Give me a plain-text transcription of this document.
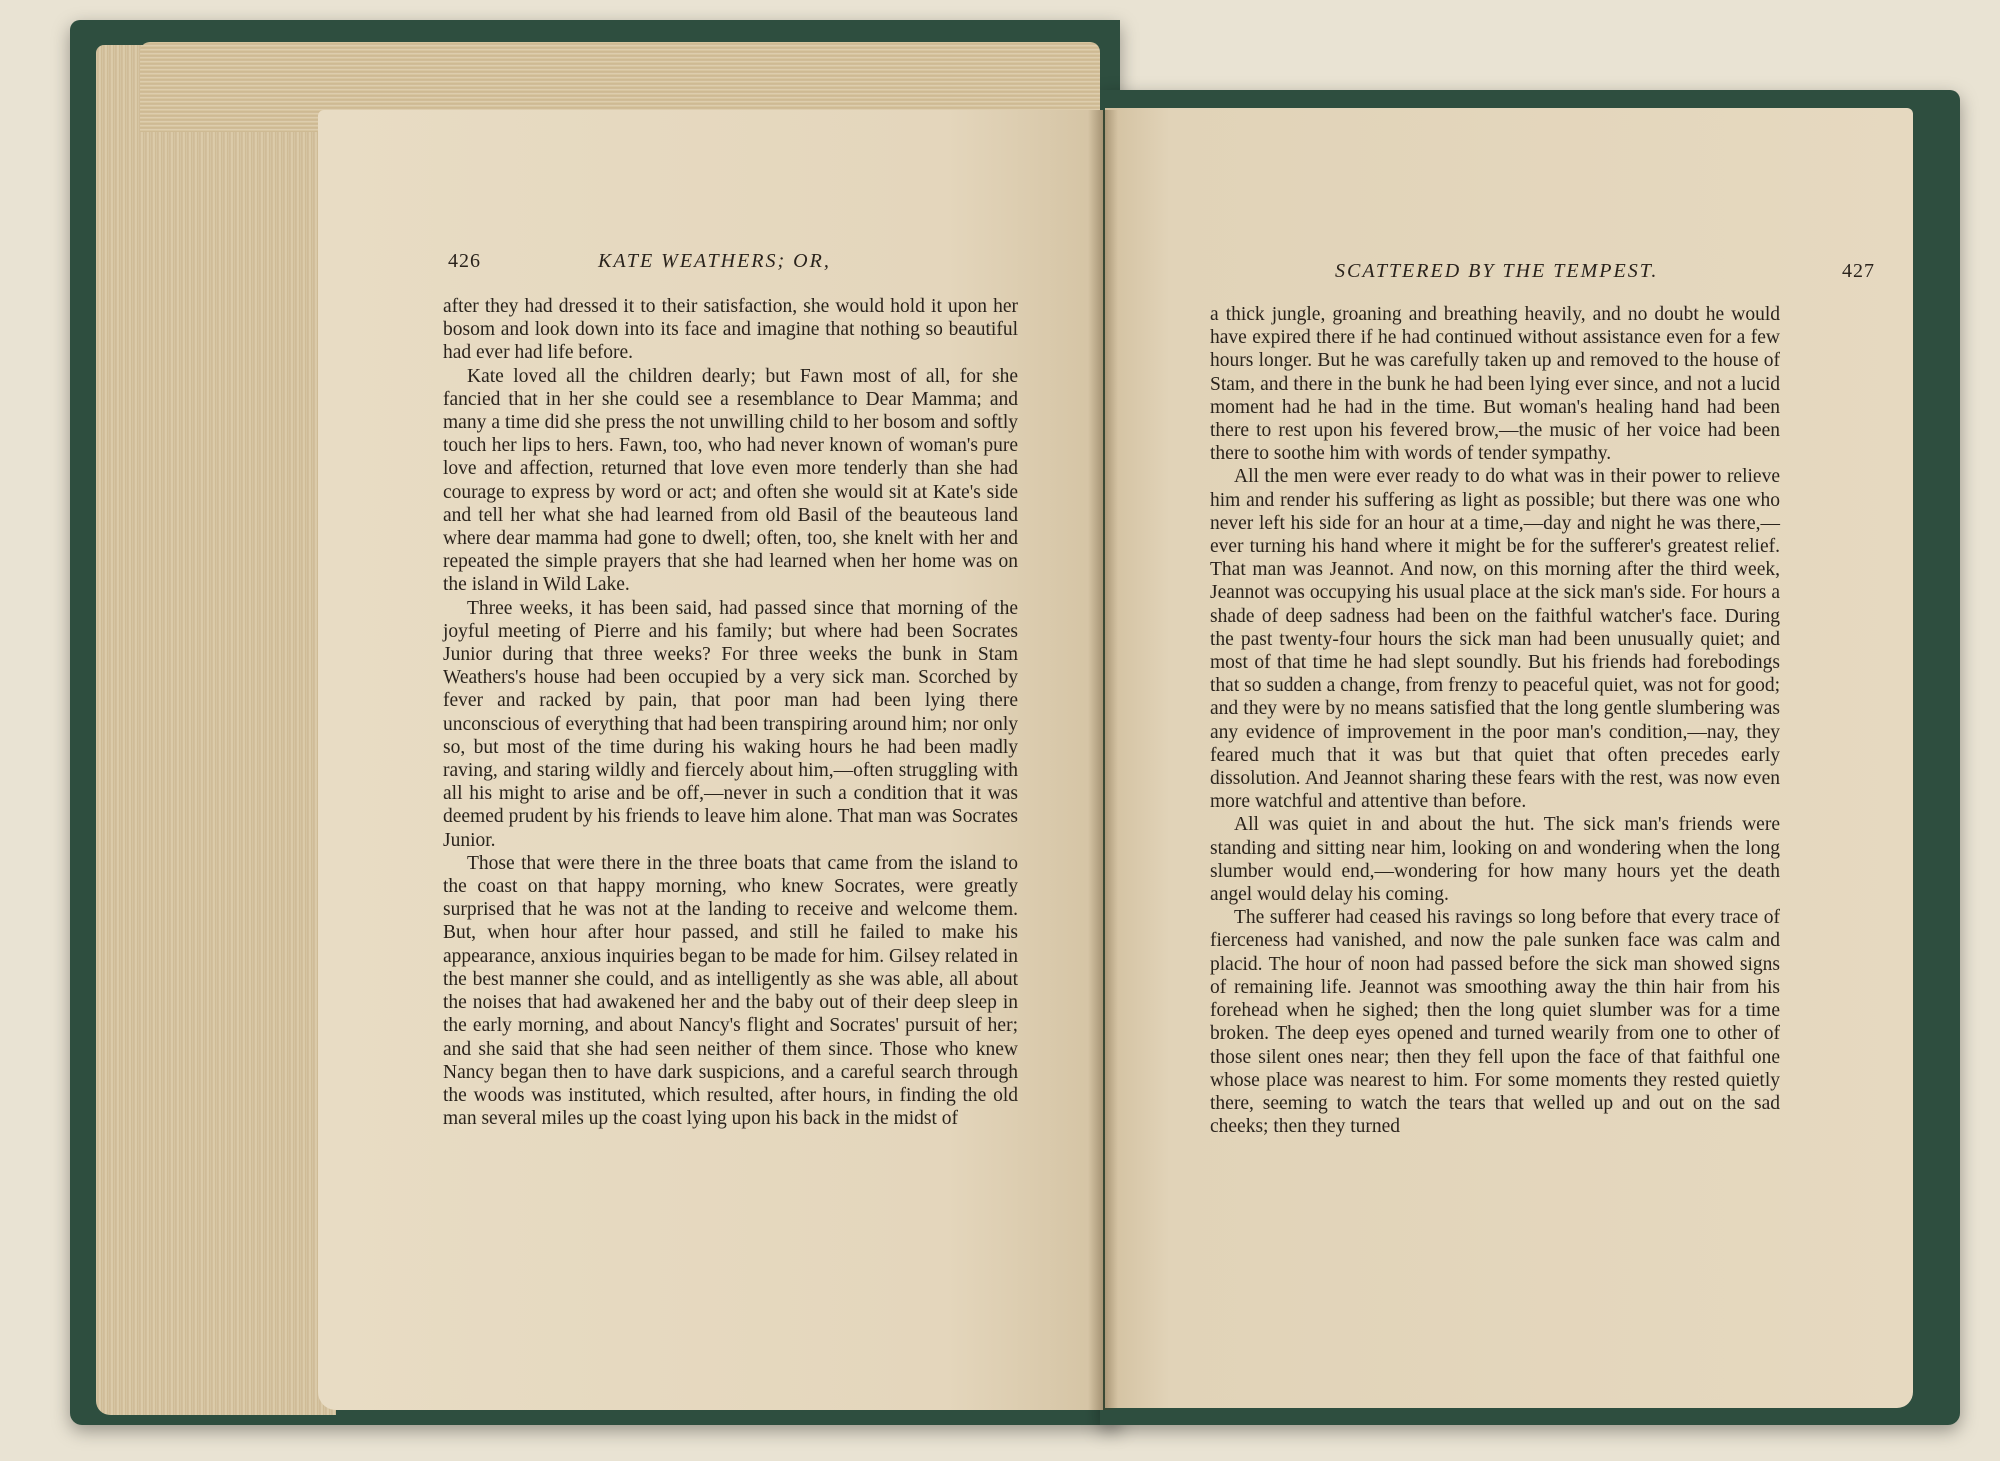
426	KATE WEATHERS; OR,

after they had dressed it to their satisfaction, she would hold it upon her bosom and look down into its face and imagine that nothing so beautiful had ever had life before.

Kate loved all the children dearly; but Fawn most of all, for she fancied that in her she could see a resemblance to Dear Mamma; and many a time did she press the not unwilling child to her bosom and softly touch her lips to hers. Fawn, too, who had never known of woman's pure love and affection, returned that love even more tenderly than she had courage to express by word or act; and often she would sit at Kate's side and tell her what she had learned from old Basil of the beauteous land where dear mamma had gone to dwell; often, too, she knelt with her and repeated the simple prayers that she had learned when her home was on the island in Wild Lake.

Three weeks, it has been said, had passed since that morning of the joyful meeting of Pierre and his family; but where had been Socrates Junior during that three weeks? For three weeks the bunk in Stam Weathers's house had been occupied by a very sick man. Scorched by fever and racked by pain, that poor man had been lying there unconscious of everything that had been transpiring around him; nor only so, but most of the time during his waking hours he had been madly raving, and staring wildly and fiercely about him,—often struggling with all his might to arise and be off,—never in such a condition that it was deemed prudent by his friends to leave him alone. That man was Socrates Junior.

Those that were there in the three boats that came from the island to the coast on that happy morning, who knew Socrates, were greatly surprised that he was not at the landing to receive and welcome them. But, when hour after hour passed, and still he failed to make his appearance, anxious inquiries began to be made for him. Gilsey related in the best manner she could, and as intelligently as she was able, all about the noises that had awakened her and the baby out of their deep sleep in the early morning, and about Nancy's flight and Socrates' pursuit of her; and she said that she had seen neither of them since. Those who knew Nancy began then to have dark suspicions, and a careful search through the woods was instituted, which resulted, after hours, in finding the old man several miles up the coast lying upon his back in the midst of

SCATTERED BY THE TEMPEST.	427

a thick jungle, groaning and breathing heavily, and no doubt he would have expired there if he had continued without assistance even for a few hours longer. But he was carefully taken up and removed to the house of Stam, and there in the bunk he had been lying ever since, and not a lucid moment had he had in the time. But woman's healing hand had been there to rest upon his fevered brow,—the music of her voice had been there to soothe him with words of tender sympathy.

All the men were ever ready to do what was in their power to relieve him and render his suffering as light as possible; but there was one who never left his side for an hour at a time,—day and night he was there,—ever turning his hand where it might be for the sufferer's greatest relief. That man was Jeannot. And now, on this morning after the third week, Jeannot was occupying his usual place at the sick man's side. For hours a shade of deep sadness had been on the faithful watcher's face. During the past twenty-four hours the sick man had been unusually quiet; and most of that time he had slept soundly. But his friends had forebodings that so sudden a change, from frenzy to peaceful quiet, was not for good; and they were by no means satisfied that the long gentle slumbering was any evidence of improvement in the poor man's condition,—nay, they feared much that it was but that quiet that often precedes early dissolution. And Jeannot sharing these fears with the rest, was now even more watchful and attentive than before.

All was quiet in and about the hut. The sick man's friends were standing and sitting near him, looking on and wondering when the long slumber would end,—wondering for how many hours yet the death angel would delay his coming.

The sufferer had ceased his ravings so long before that every trace of fierceness had vanished, and now the pale sunken face was calm and placid. The hour of noon had passed before the sick man showed signs of remaining life. Jeannot was smoothing away the thin hair from his forehead when he sighed; then the long quiet slumber was for a time broken. The deep eyes opened and turned wearily from one to other of those silent ones near; then they fell upon the face of that faithful one whose place was nearest to him. For some moments they rested quietly there, seeming to watch the tears that welled up and out on the sad cheeks; then they turned
